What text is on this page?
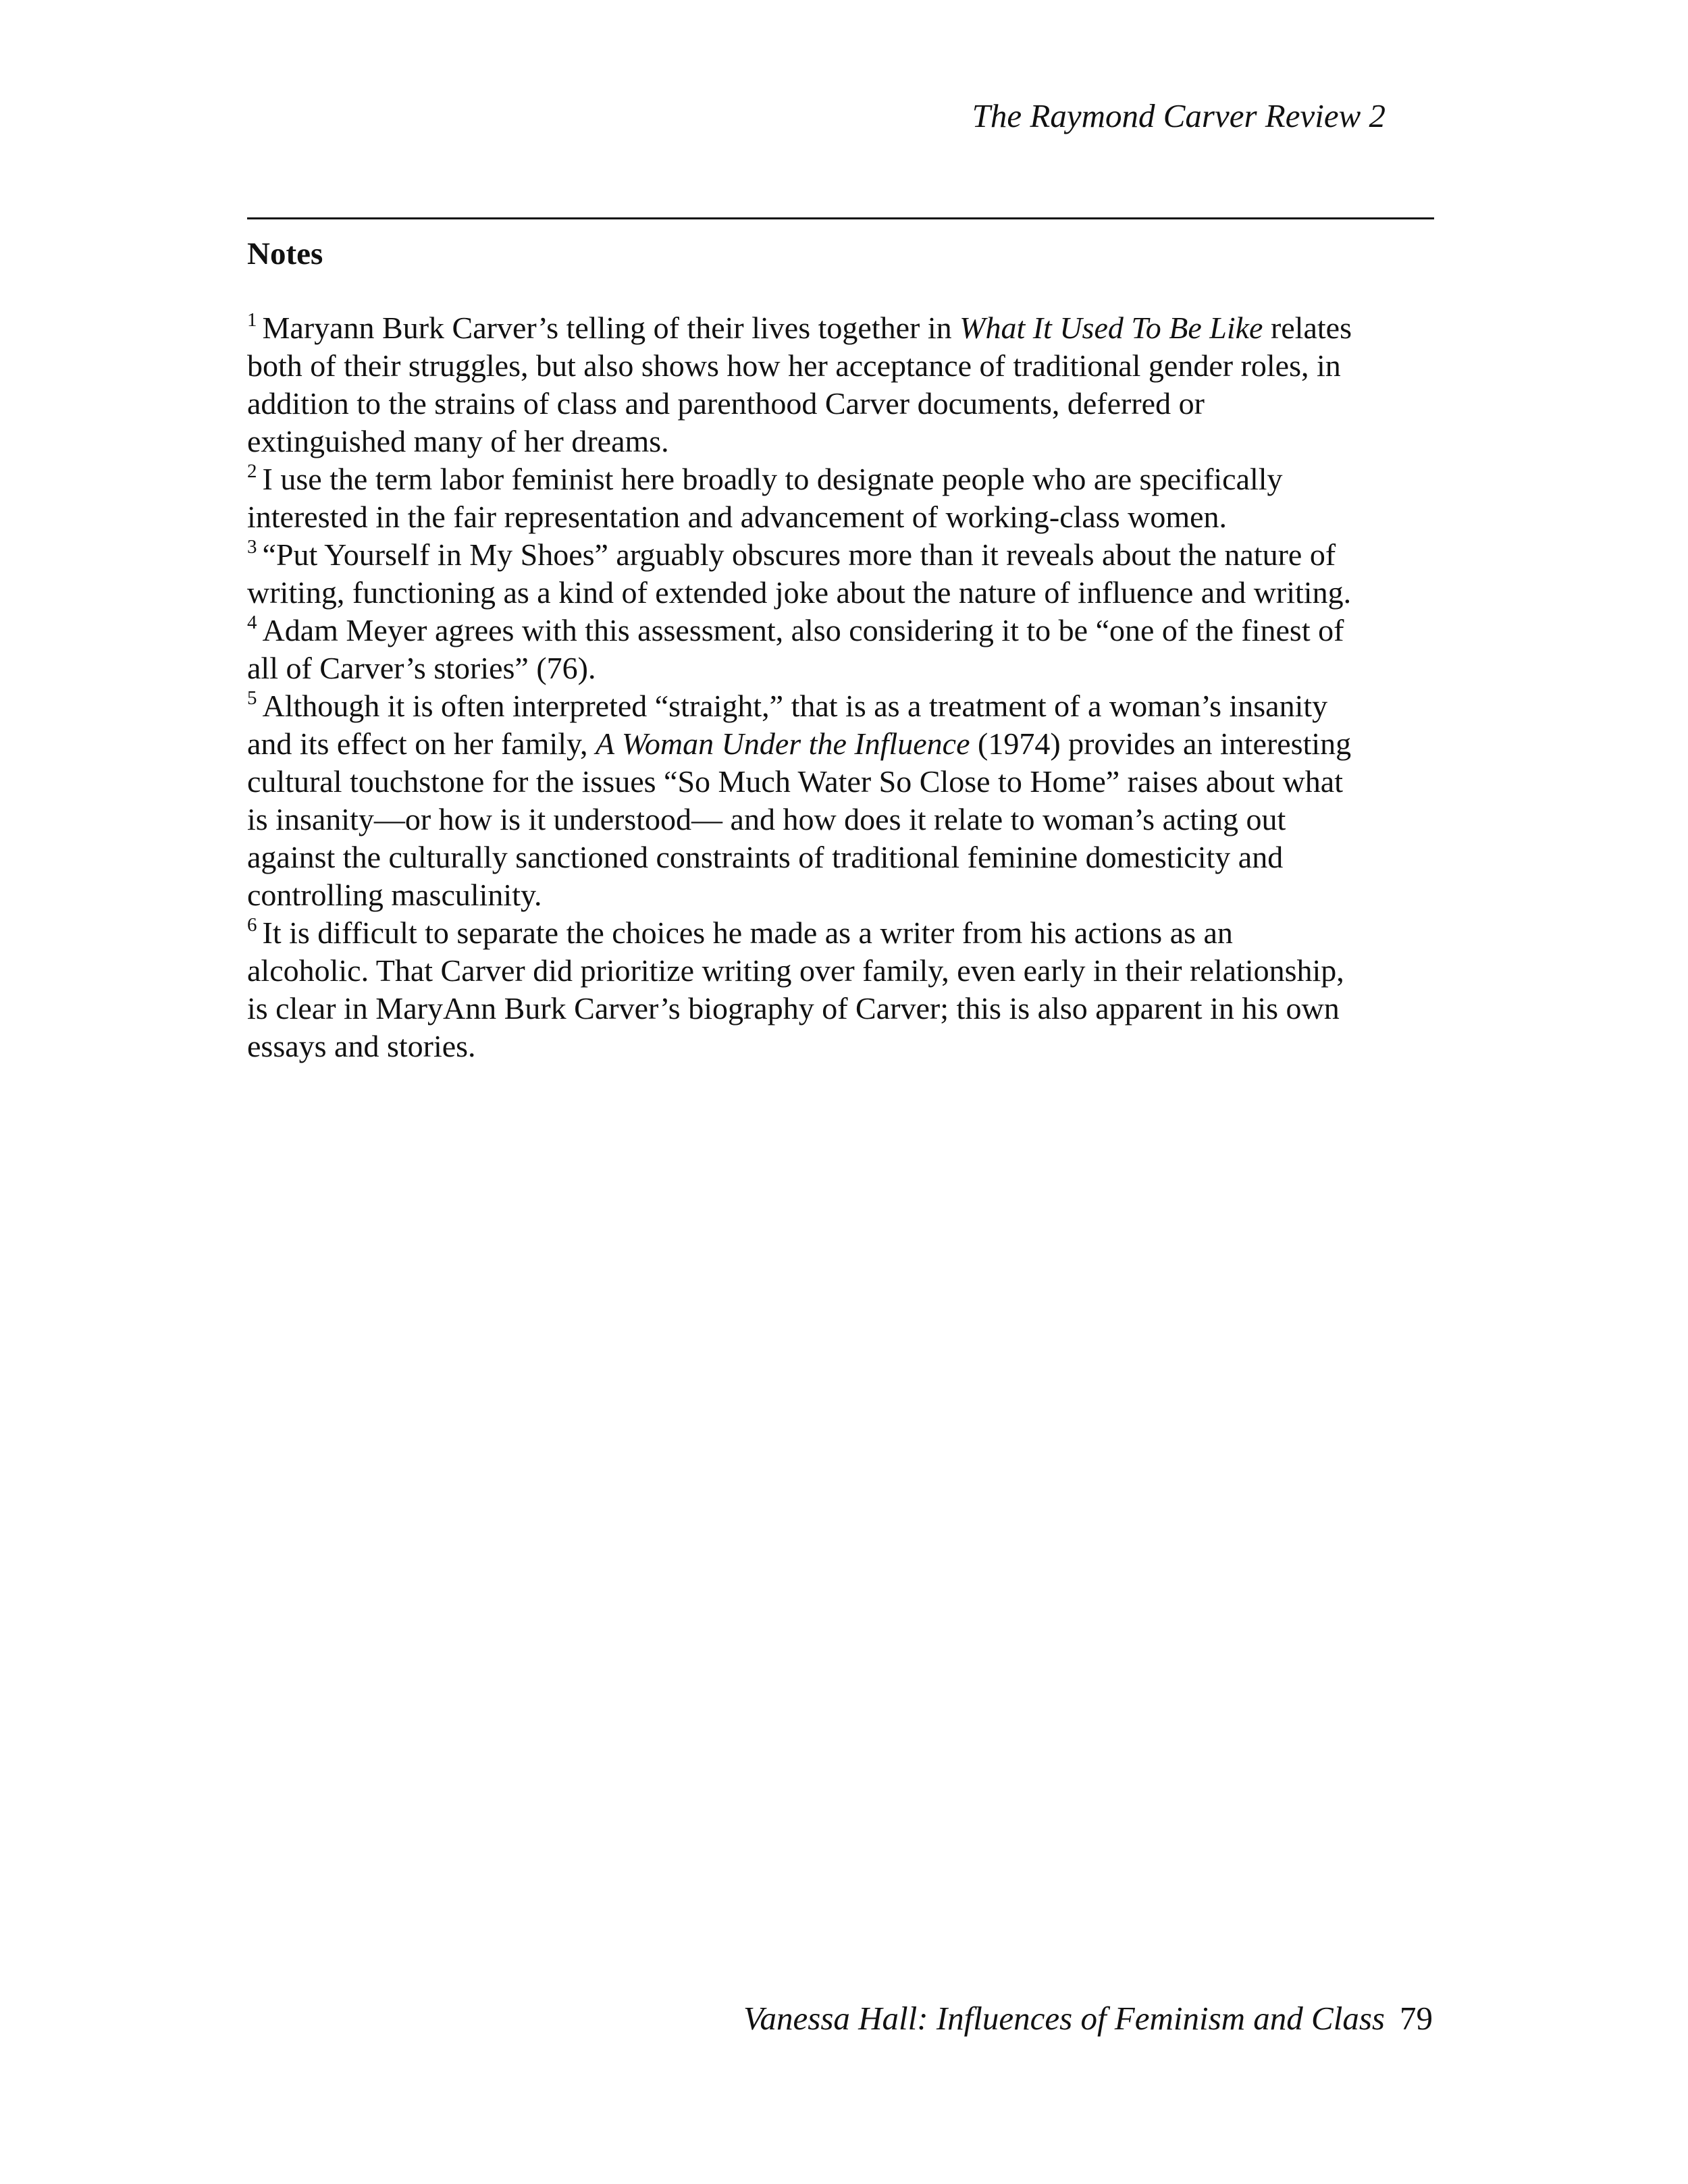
The Raymond Carver Review 2
Notes

$^1$ Maryann Burk Carver’s telling of their lives together in What It Used To Be Like relates

both of their struggles, but also shows how her acceptance of traditional gender roles, in

addition to the strains of class and parenthood Carver documents, deferred or

extinguished many of her dreams.

$^2$ I use the term labor feminist here broadly to designate people who are specifically

interested in the fair representation and advancement of working-class women.

$^3$ “Put Yourself in My Shoes” arguably obscures more than it reveals about the nature of

writing, functioning as a kind of extended joke about the nature of influence and writing.

$^4$ Adam Meyer agrees with this assessment, also considering it to be “one of the finest of

all of Carver’s stories” (76).

$^5$ Although it is often interpreted “straight,” that is as a treatment of a woman’s insanity

and its effect on her family, A Woman Under the Influence (1974) provides an interesting

cultural touchstone for the issues “So Much Water So Close to Home” raises about what

is insanity—or how is it understood— and how does it relate to woman’s acting out

against the culturally sanctioned constraints of traditional feminine domesticity and

controlling masculinity.

$^6$ It is difficult to separate the choices he made as a writer from his actions as an

alcoholic. That Carver did prioritize writing over family, even early in their relationship,

is clear in MaryAnn Burk Carver’s biography of Carver; this is also apparent in his own

essays and stories.

Vanessa Hall: Influences of Feminism and Class 79
